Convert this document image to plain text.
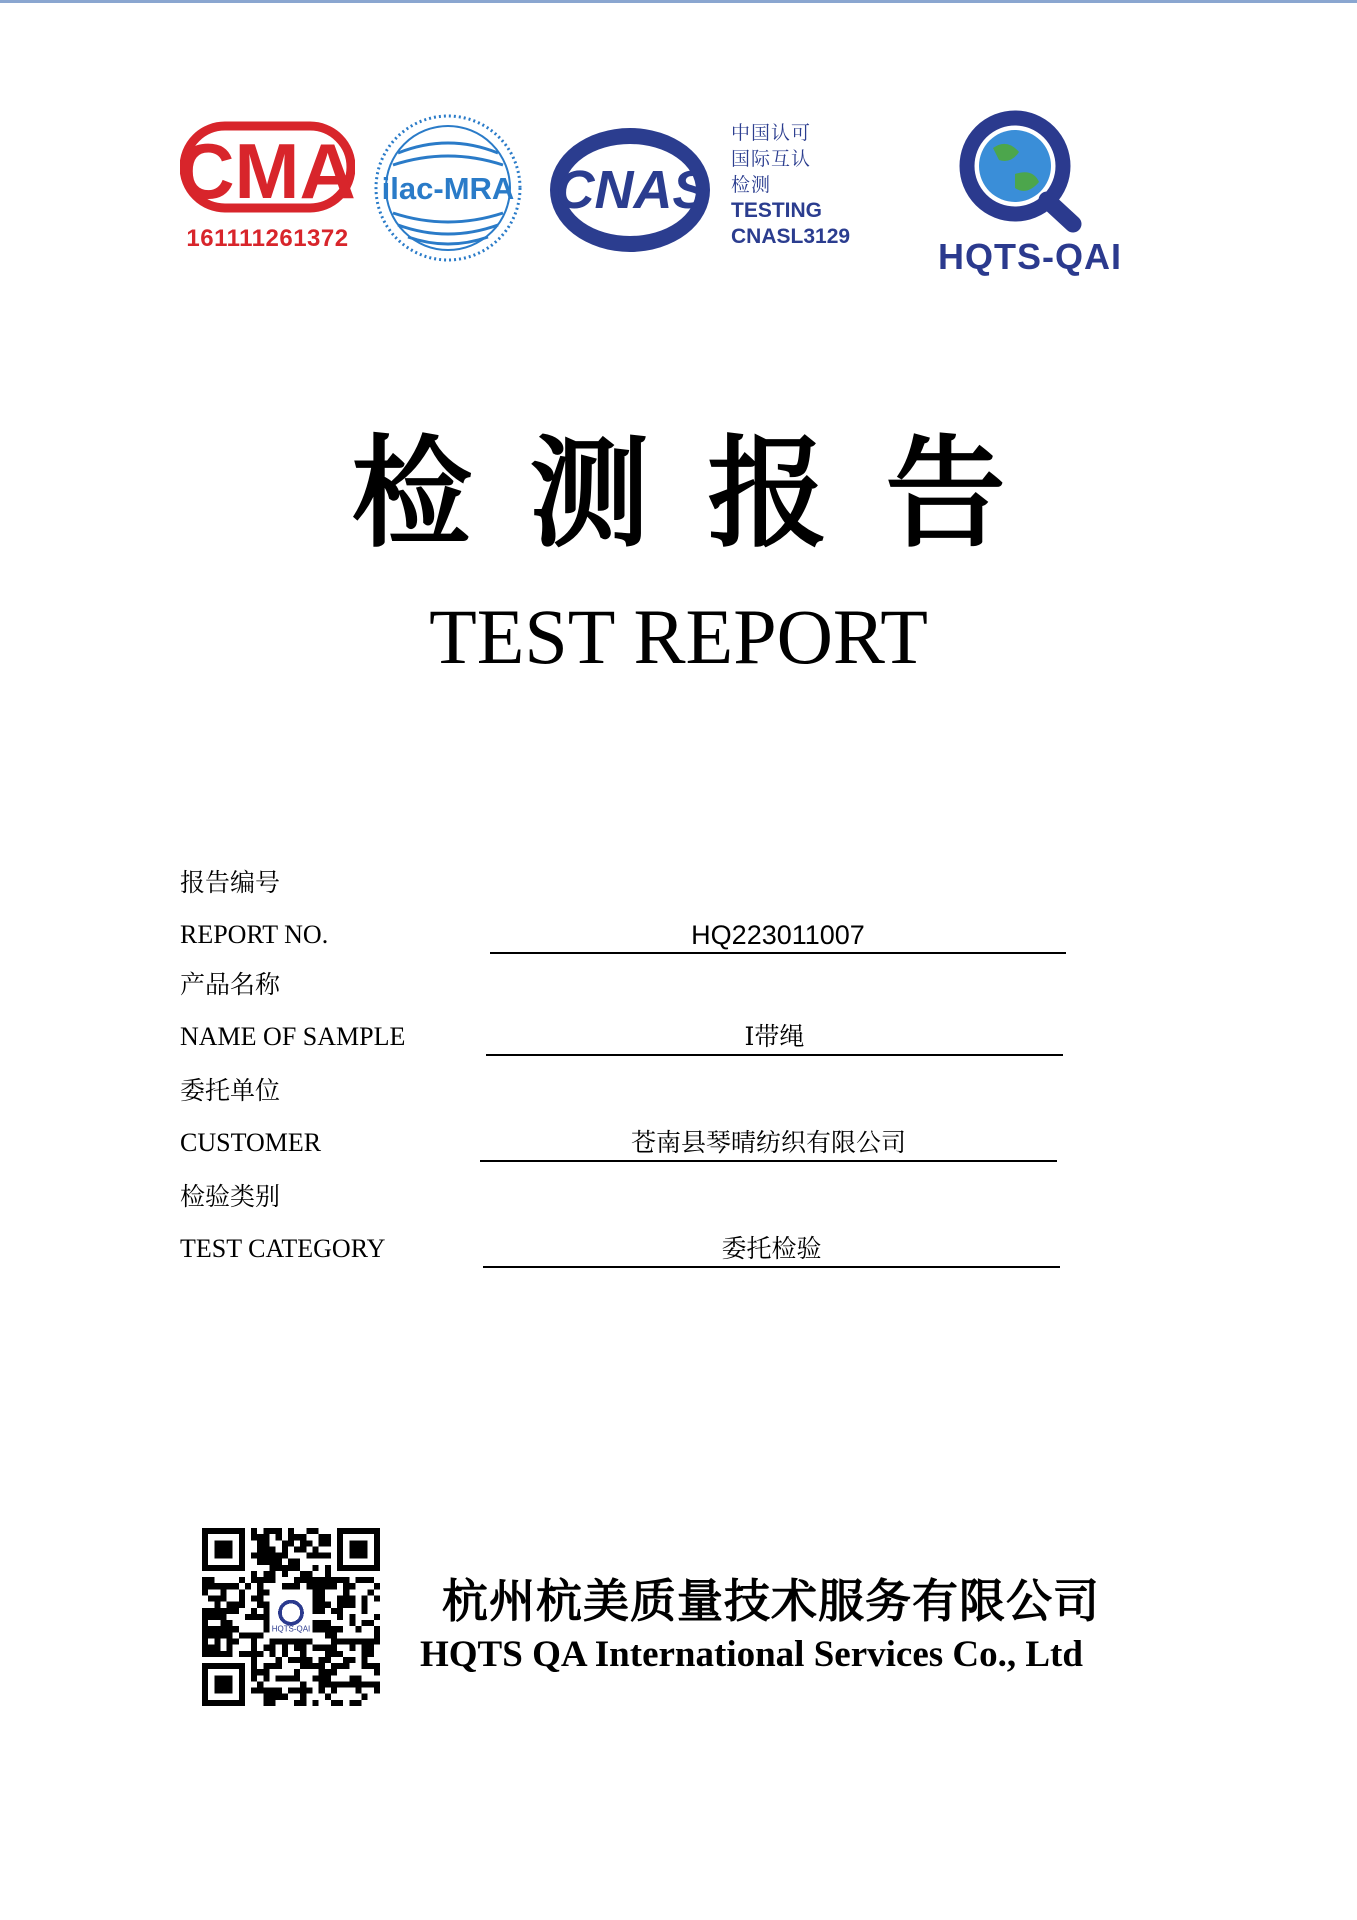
CMA
161111261372
ilac-MRA CNAS
中国认可
国际互认
检测
TESTING
CNASL3129	HQTS-QAI
检测报告
TEST REPORT
报告编号
REPORT NO.	HQ223011007
产品名称
NAME OF SAMPLE	Ⅰ带绳
委托单位
CUSTOMER	苍南县琴晴纺织有限公司
检验类别
TEST CATEGORY	委托检验
HQTS-QAI
杭州杭美质量技术服务有限公司
HQTS QA International Services Co., Ltd
